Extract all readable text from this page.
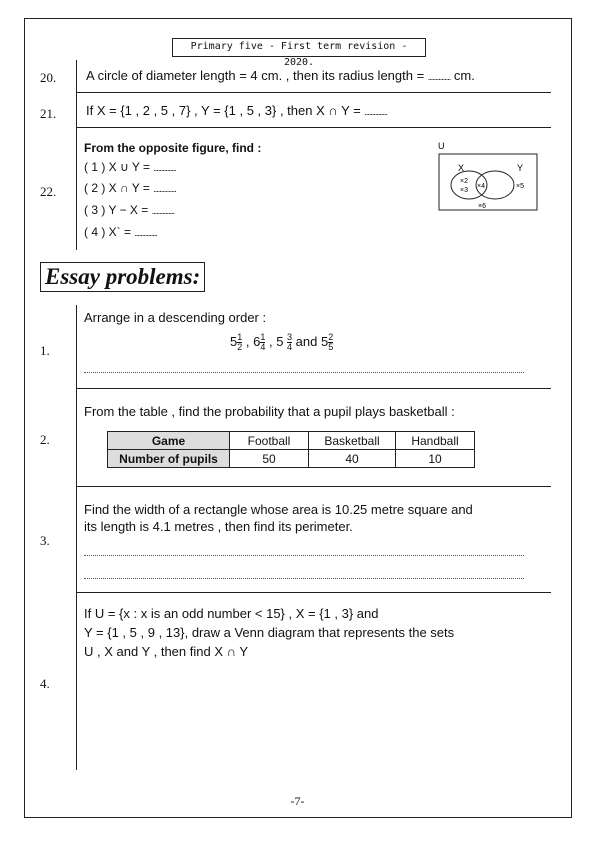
Primary five - First term revision - 2020.
20.	A circle of diameter length = 4 cm. , then its radius length = ............... cm.
21.	If X = {1 , 2 , 5 , 7} , Y = {1 , 5 , 3} , then X ∩ Y = ...............
22.
From the opposite figure, find :
( 1 ) X ∪ Y = ...............
( 2 ) X ∩ Y = ...............
( 3 ) Y − X = ...............
( 4 ) X` = ...............
U
X	Y
×2
×3
×4	×5
×6
Essay problems:
1.
Arrange in a descending order :
$5 \frac{1}{2}$ , $6 \frac{1}{4}$ , $5 \frac{3}{4}$ and $5 \frac{2}{5}$
2.
From the table , find the probability that a pupil plays basketball :
Game	Football	Basketball	Handball
Number of pupils	50	40	10
3.
Find the width of a rectangle whose area is 10.25 metre square and
its length is 4.1 metres , then find its perimeter.
4.
If U = {x : x is an odd number < 15} , X = {1 , 3} and
Y = {1 , 5 , 9 , 13}, draw a Venn diagram that represents the sets
U , X and Y , then find X ∩ Y
-7-
